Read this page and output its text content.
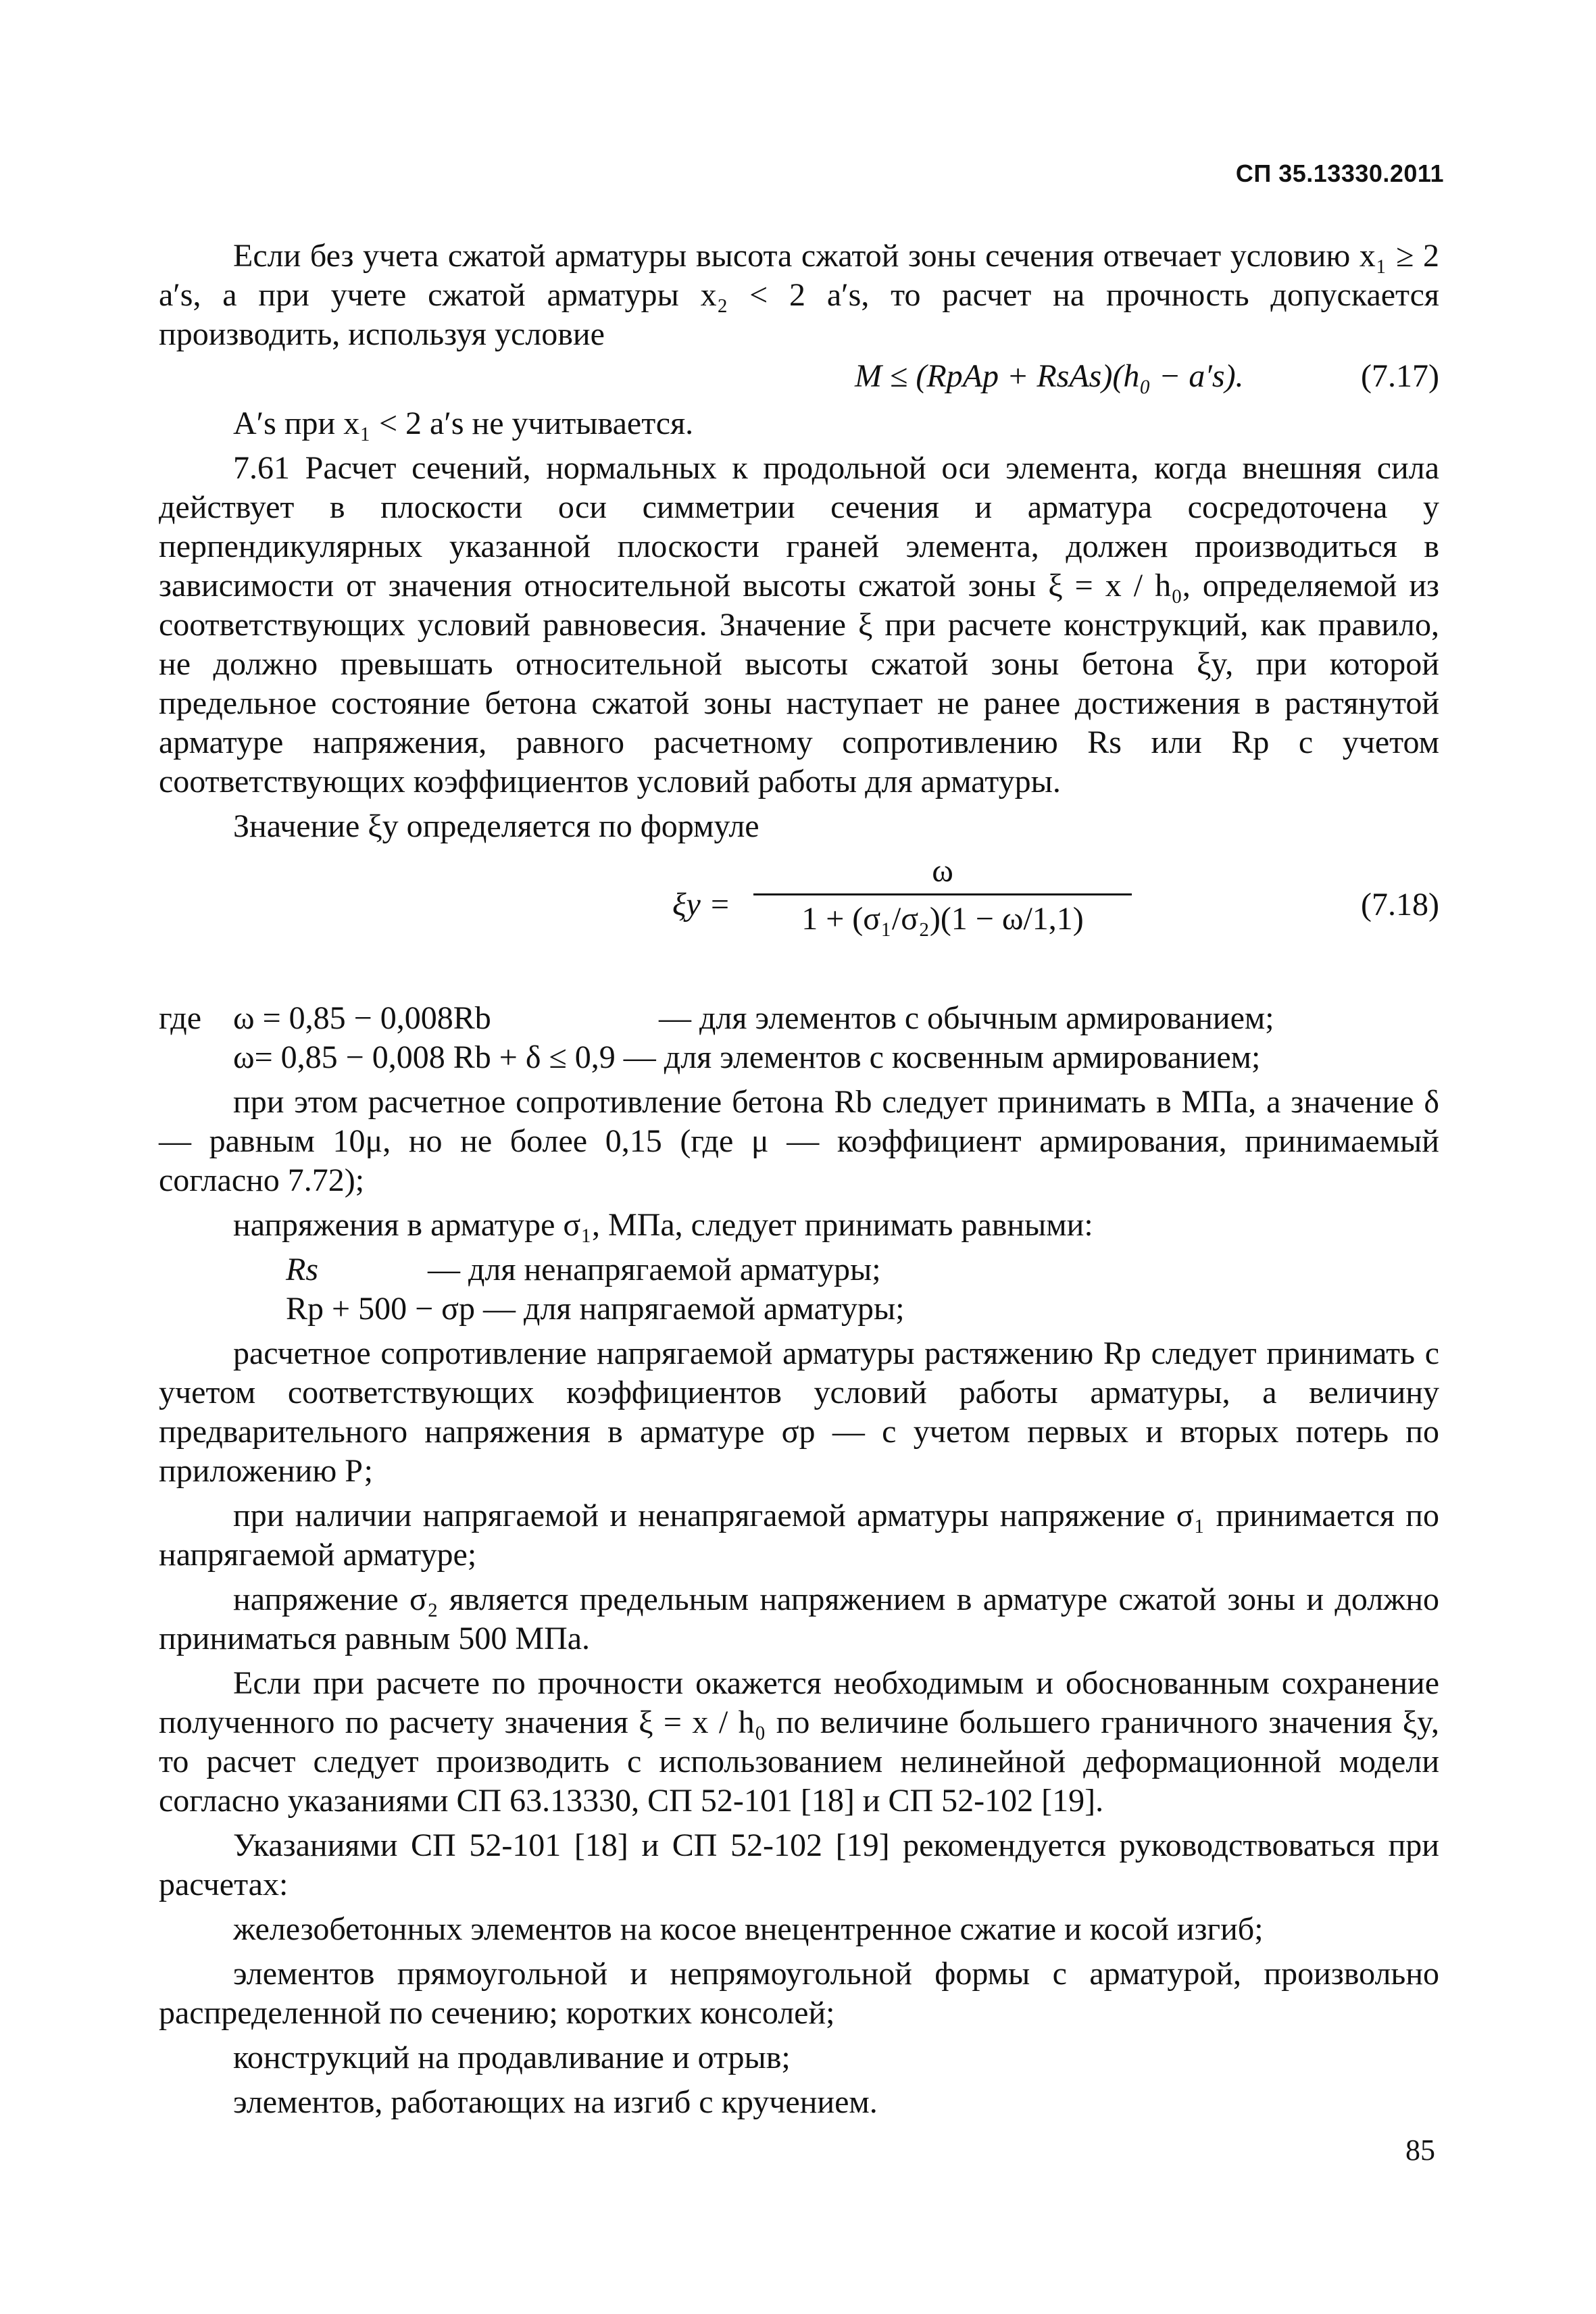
СП 35.13330.2011

Если без учета сжатой арматуры высота сжатой зоны сечения отвечает условию x₁ ≥ 2 a′s, а при учете сжатой арматуры x₂ < 2 a′s, то расчет на прочность допускается производить, используя условие

M ≤ (RpAp + RsAs)(h₀ − a′s).	(7.17)

A′s при x₁ < 2 a′s не учитывается.

7.61 Расчет сечений, нормальных к продольной оси элемента, когда внешняя сила действует в плоскости оси симметрии сечения и арматура сосредоточена у перпендикулярных указанной плоскости граней элемента, должен производиться в зависимости от значения относительной высоты сжатой зоны ξ = x / h₀, определяемой из соответствующих условий равновесия. Значение ξ при расчете конструкций, как правило, не должно превышать относительной высоты сжатой зоны бетона ξy, при которой предельное состояние бетона сжатой зоны наступает не ранее достижения в растянутой арматуре напряжения, равного расчетному сопротивлению Rs или Rp с учетом соответствующих коэффициентов условий работы для арматуры.

Значение ξy определяется по формуле

$\xi y = \frac{\omega}{\text{1 + (σ₁/σ₂)(1 − ω/1,1)}}$	(7.18)
где ω = 0,85 − 0,008Rb	— для элементов с обычным армированием;

ω= 0,85 − 0,008 Rb + δ ≤ 0,9 — для элементов с косвенным армированием;

при этом расчетное сопротивление бетона Rb следует принимать в МПа, а значение δ — равным 10μ, но не более 0,15 (где μ — коэффициент армирования, принимаемый согласно 7.72);

напряжения в арматуре σ₁, МПа, следует принимать равными:

Rs	— для ненапрягаемой арматуры;

Rp + 500 − σp — для напрягаемой арматуры;

расчетное сопротивление напрягаемой арматуры растяжению Rp следует принимать с учетом соответствующих коэффициентов условий работы арматуры, а величину предварительного напряжения в арматуре σp — с учетом первых и вторых потерь по приложению Р;

при наличии напрягаемой и ненапрягаемой арматуры напряжение σ₁ принимается по напрягаемой арматуре;

напряжение σ₂ является предельным напряжением в арматуре сжатой зоны и должно приниматься равным 500 МПа.

Если при расчете по прочности окажется необходимым и обоснованным сохранение полученного по расчету значения ξ = x / h₀ по величине большего граничного значения ξy, то расчет следует производить с использованием нелинейной деформационной модели согласно указаниями СП 63.13330, СП 52-101 [18] и СП 52-102 [19].

Указаниями СП 52-101 [18] и СП 52-102 [19] рекомендуется руководствоваться при расчетах:

железобетонных элементов на косое внецентренное сжатие и косой изгиб;

элементов прямоугольной и непрямоугольной формы с арматурой, произвольно распределенной по сечению; коротких консолей;

конструкций на продавливание и отрыв;

элементов, работающих на изгиб с кручением.

85
